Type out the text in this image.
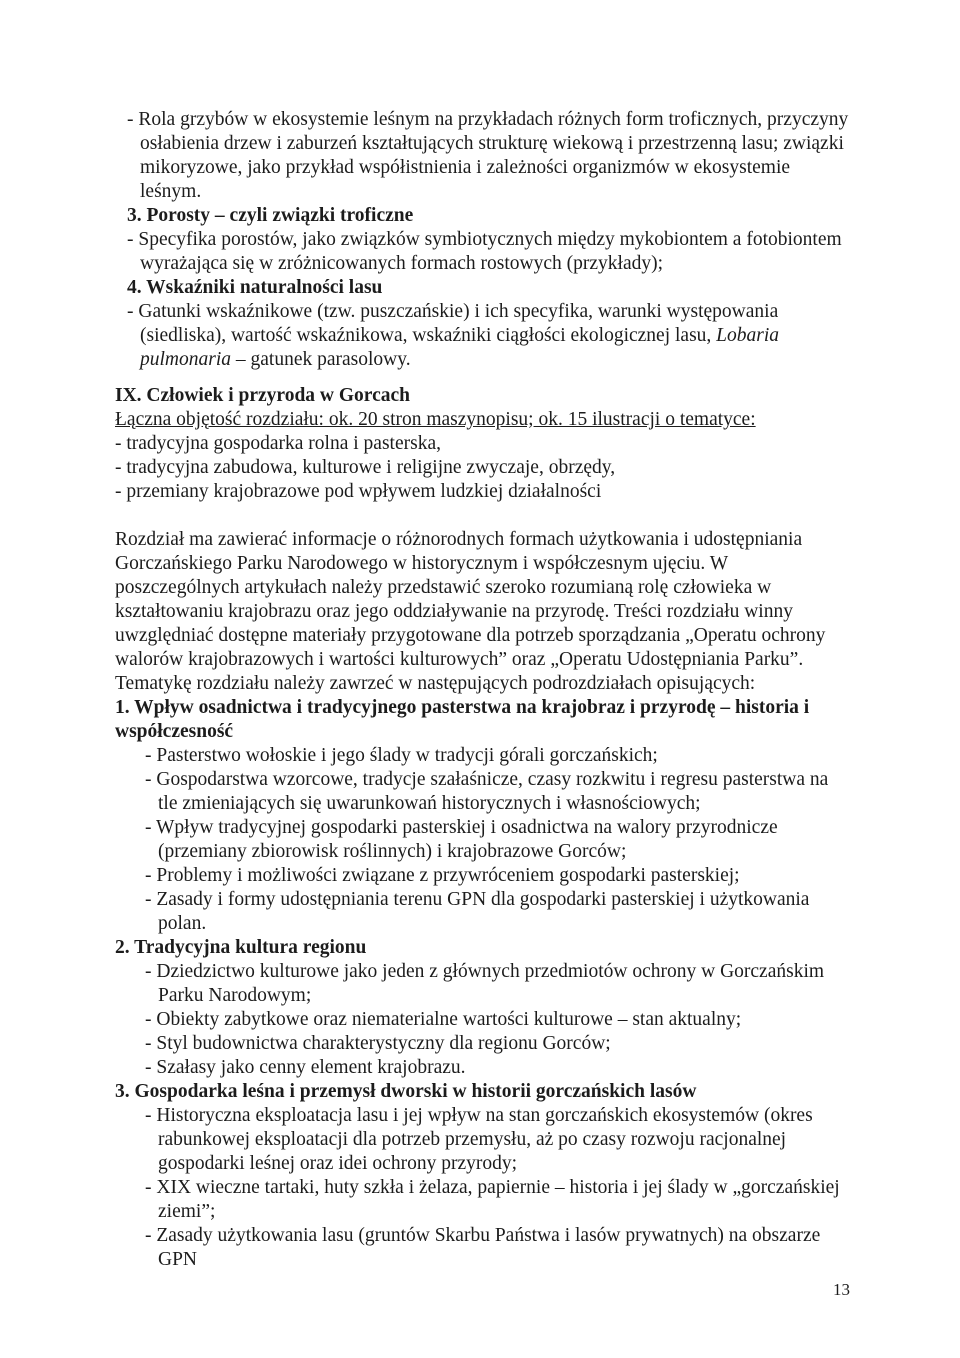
- Rola grzybów w ekosystemie leśnym na przykładach różnych form troficznych, przyczyny
osłabienia drzew i zaburzeń kształtujących strukturę wiekową i przestrzenną lasu; związki
mikoryzowe, jako przykład współistnienia i zależności organizmów w ekosystemie
leśnym.
3. Porosty – czyli związki troficzne
- Specyfika porostów, jako związków symbiotycznych między mykobiontem a fotobiontem
wyrażająca się w zróżnicowanych formach rostowych (przykłady);
4. Wskaźniki naturalności lasu
- Gatunki wskaźnikowe (tzw. puszczańskie) i ich specyfika, warunki występowania
(siedliska), wartość wskaźnikowa, wskaźniki ciągłości ekologicznej lasu, Lobaria
pulmonaria – gatunek parasolowy.
IX. Człowiek i przyroda w Gorcach
Łączna objętość rozdziału: ok. 20 stron maszynopisu; ok. 15 ilustracji o tematyce:
- tradycyjna gospodarka rolna i pasterska,
- tradycyjna zabudowa, kulturowe i religijne zwyczaje, obrzędy,
- przemiany krajobrazowe pod wpływem ludzkiej działalności
Rozdział ma zawierać informacje o różnorodnych formach użytkowania i udostępniania
Gorczańskiego Parku Narodowego w historycznym i współczesnym ujęciu. W
poszczególnych artykułach należy przedstawić szeroko rozumianą rolę człowieka w
kształtowaniu krajobrazu oraz jego oddziaływanie na przyrodę. Treści rozdziału winny
uwzględniać dostępne materiały przygotowane dla potrzeb sporządzania „Operatu ochrony
walorów krajobrazowych i wartości kulturowych” oraz „Operatu Udostępniania Parku”.
Tematykę rozdziału należy zawrzeć w następujących podrozdziałach opisujących:
1. Wpływ osadnictwa i tradycyjnego pasterstwa na krajobraz i przyrodę – historia i
współczesność
- Pasterstwo wołoskie i jego ślady w tradycji górali gorczańskich;
- Gospodarstwa wzorcowe, tradycje szałaśnicze, czasy rozkwitu i regresu pasterstwa na
tle zmieniających się uwarunkowań historycznych i własnościowych;
- Wpływ tradycyjnej gospodarki pasterskiej i osadnictwa na walory przyrodnicze
(przemiany zbiorowisk roślinnych) i krajobrazowe Gorców;
- Problemy i możliwości związane z przywróceniem gospodarki pasterskiej;
- Zasady i formy udostępniania terenu GPN dla gospodarki pasterskiej i użytkowania
polan.
2. Tradycyjna kultura regionu
- Dziedzictwo kulturowe jako jeden z głównych przedmiotów ochrony w Gorczańskim
Parku Narodowym;
- Obiekty zabytkowe oraz niematerialne wartości kulturowe – stan aktualny;
- Styl budownictwa charakterystyczny dla regionu Gorców;
- Szałasy jako cenny element krajobrazu.
3. Gospodarka leśna i przemysł dworski w historii gorczańskich lasów
- Historyczna eksploatacja lasu i jej wpływ na stan gorczańskich ekosystemów (okres
rabunkowej eksploatacji dla potrzeb przemysłu, aż po czasy rozwoju racjonalnej
gospodarki leśnej oraz idei ochrony przyrody;
- XIX wieczne tartaki, huty szkła i żelaza, papiernie – historia i jej ślady w „gorczańskiej
ziemi”;
- Zasady użytkowania lasu (gruntów Skarbu Państwa i lasów prywatnych) na obszarze
GPN
13
